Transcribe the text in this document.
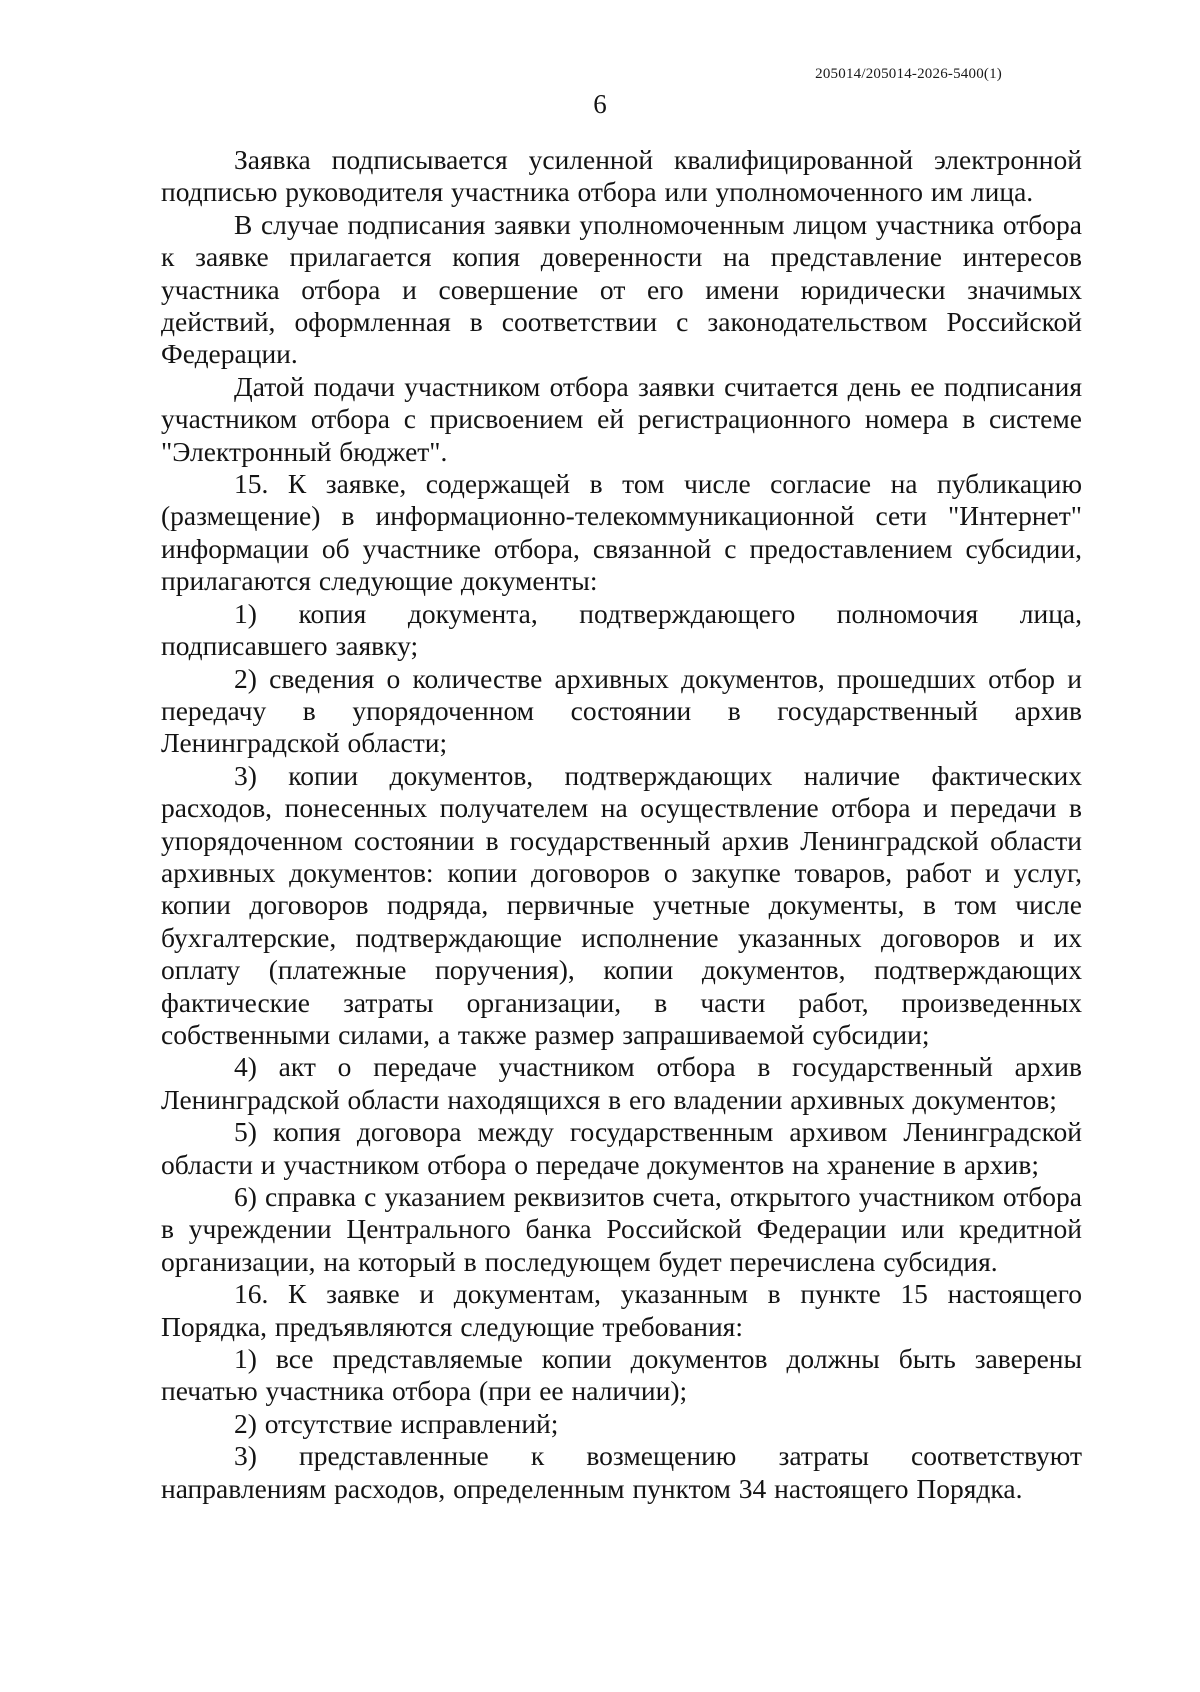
205014/205014-2026-5400(1)
6

Заявка подписывается усиленной квалифицированной электронной подписью руководителя участника отбора или уполномоченного им лица.

В случае подписания заявки уполномоченным лицом участника отбора к заявке прилагается копия доверенности на представление интересов участника отбора и совершение от его имени юридически значимых действий, оформленная в соответствии с законодательством Российской Федерации.

Датой подачи участником отбора заявки считается день ее подписания участником отбора с присвоением ей регистрационного номера в системе "Электронный бюджет".

15. К заявке, содержащей в том числе согласие на публикацию (размещение) в информационно-телекоммуникационной сети "Интернет" информации об участнике отбора, связанной с предоставлением субсидии, прилагаются следующие документы:

1) копия документа, подтверждающего полномочия лица, подписавшего заявку;

2) сведения о количестве архивных документов, прошедших отбор и передачу в упорядоченном состоянии в государственный архив Ленинградской области;

3) копии документов, подтверждающих наличие фактических расходов, понесенных получателем на осуществление отбора и передачи в упорядоченном состоянии в государственный архив Ленинградской области архивных документов: копии договоров о закупке товаров, работ и услуг, копии договоров подряда, первичные учетные документы, в том числе бухгалтерские, подтверждающие исполнение указанных договоров и их оплату (платежные поручения), копии документов, подтверждающих фактические затраты организации, в части работ, произведенных собственными силами, а также размер запрашиваемой субсидии;

4) акт о передаче участником отбора в государственный архив Ленинградской области находящихся в его владении архивных документов;

5) копия договора между государственным архивом Ленинградской области и участником отбора о передаче документов на хранение в архив;

6) справка с указанием реквизитов счета, открытого участником отбора в учреждении Центрального банка Российской Федерации или кредитной организации, на который в последующем будет перечислена субсидия.

16. К заявке и документам, указанным в пункте 15 настоящего Порядка, предъявляются следующие требования:

1) все представляемые копии документов должны быть заверены печатью участника отбора (при ее наличии);

2) отсутствие исправлений;

3) представленные к возмещению затраты соответствуют направлениям расходов, определенным пунктом 34 настоящего Порядка.
